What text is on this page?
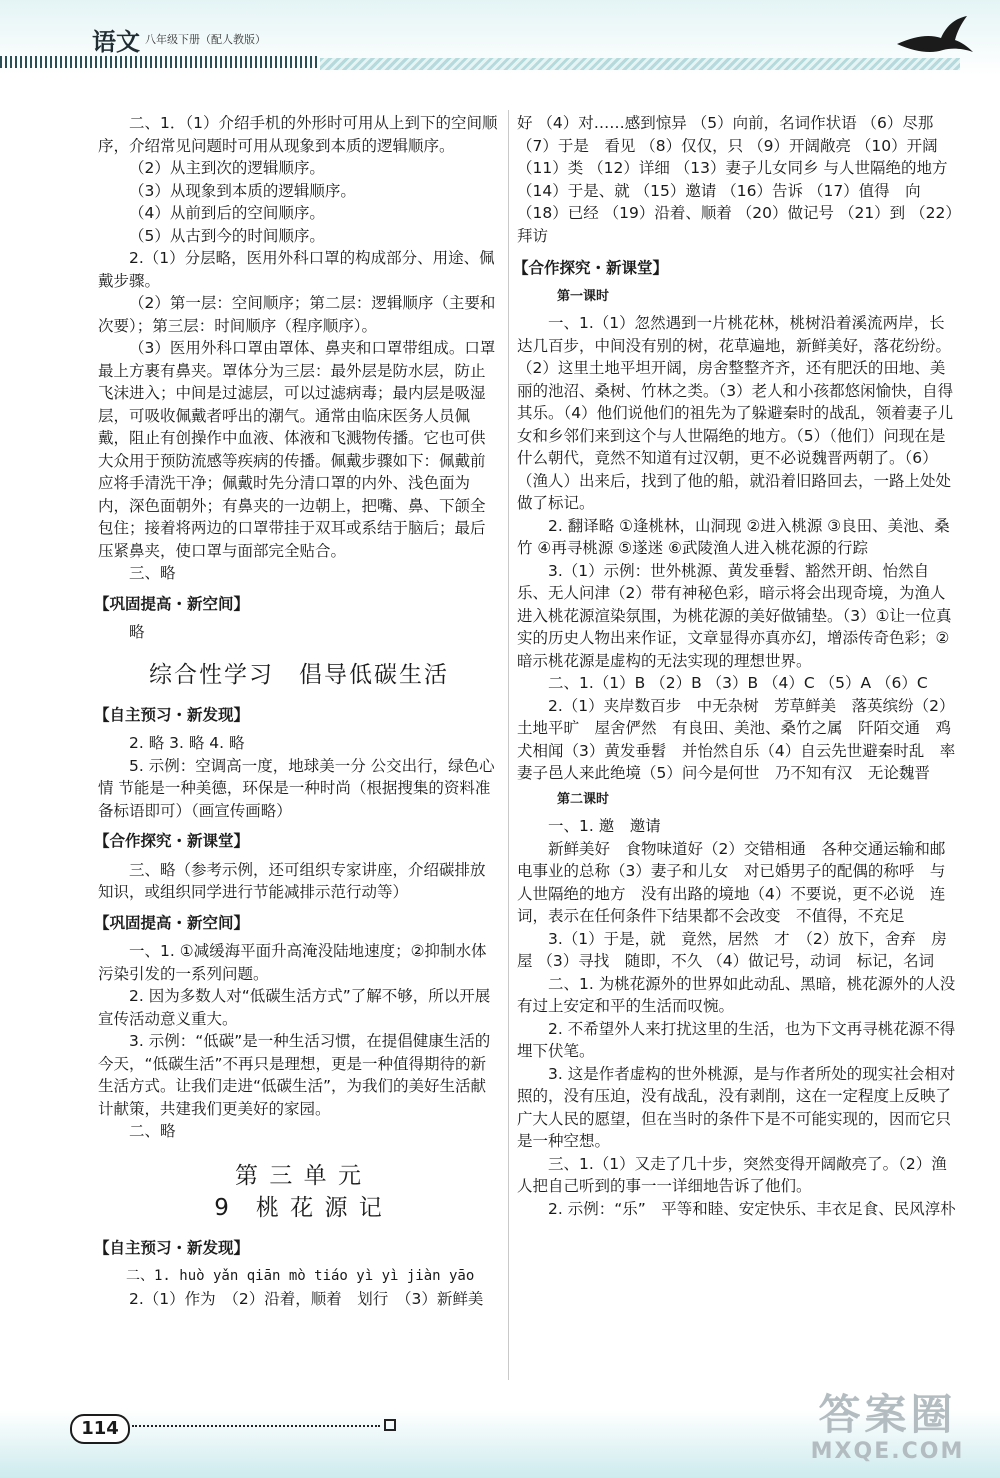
语文 八年级下册（配人教版）

二、1．（1）介绍手机的外形时可用从上到下的空间顺序，介绍常见问题时可用从现象到本质的逻辑顺序。

（2）从主到次的逻辑顺序。

（3）从现象到本质的逻辑顺序。

（4）从前到后的空间顺序。

（5）从古到今的时间顺序。

2.（1）分层略，医用外科口罩的构成部分、用途、佩戴步骤。

（2）第一层：空间顺序；第二层：逻辑顺序（主要和次要）；第三层：时间顺序（程序顺序）。

（3）医用外科口罩由罩体、鼻夹和口罩带组成。口罩最上方裹有鼻夹。罩体分为三层：最外层是防水层，防止飞沫进入；中间是过滤层，可以过滤病毒；最内层是吸湿层，可吸收佩戴者呼出的潮气。通常由临床医务人员佩戴，阻止有创操作中血液、体液和飞溅物传播。它也可供大众用于预防流感等疾病的传播。佩戴步骤如下：佩戴前应将手清洗干净；佩戴时先分清口罩的内外、浅色面为内，深色面朝外；有鼻夹的一边朝上，把嘴、鼻、下颌全包住；接着将两边的口罩带挂于双耳或系结于脑后；最后压紧鼻夹，使口罩与面部完全贴合。

三、略

【巩固提高・新空间】

略

综合性学习　倡导低碳生活

【自主预习・新发现】

2. 略 3. 略 4. 略

5. 示例：空调高一度，地球美一分 公交出行，绿色心情 节能是一种美德，环保是一种时尚（根据搜集的资料准备标语即可）（画宣传画略）

【合作探究・新课堂】

三、略（参考示例，还可组织专家讲座，介绍碳排放知识，或组织同学进行节能减排示范行动等）

【巩固提高・新空间】

一、1. ①减缓海平面升高淹没陆地速度；②抑制水体污染引发的一系列问题。

2. 因为多数人对“低碳生活方式”了解不够，所以开展宣传活动意义重大。

3. 示例：“低碳”是一种生活习惯，在提倡健康生活的今天，“低碳生活”不再只是理想，更是一种值得期待的新生活方式。让我们走进“低碳生活”，为我们的美好生活献计献策，共建我们更美好的家园。

二、略

第 三 单 元

9　桃 花 源 记

【自主预习・新发现】

二、1. huò yǎn qiān mò tiáo yì yì jiàn yāo

2.（1）作为　（2）沿着，顺着　划行　（3）新鲜美

好 （4）对……感到惊异 （5）向前，名词作状语 （6）尽那 （7）于是　看见 （8）仅仅，只 （9）开阔敞亮 （10）开阔 （11）类 （12）详细 （13）妻子儿女同乡 与人世隔绝的地方 （14）于是、就 （15）邀请 （16）告诉 （17）值得　向 （18）已经 （19）沿着、顺着 （20）做记号 （21）到 （22）拜访

【合作探究・新课堂】

第一课时

一、1.（1）忽然遇到一片桃花林，桃树沿着溪流两岸，长达几百步，中间没有别的树，花草遍地，新鲜美好，落花纷纷。（2）这里土地平坦开阔，房舍整整齐齐，还有肥沃的田地、美丽的池沼、桑树、竹林之类。（3）老人和小孩都悠闲愉快，自得其乐。（4）他们说他们的祖先为了躲避秦时的战乱，领着妻子儿女和乡邻们来到这个与人世隔绝的地方。（5）（他们）问现在是什么朝代，竟然不知道有过汉朝，更不必说魏晋两朝了。（6）（渔人）出来后，找到了他的船，就沿着旧路回去，一路上处处做了标记。

2. 翻译略 ①逢桃林，山洞现 ②进入桃源 ③良田、美池、桑竹 ④再寻桃源 ⑤遂迷 ⑥武陵渔人进入桃花源的行踪

3.（1）示例：世外桃源、黄发垂髫、豁然开朗、怡然自乐、无人问津（2）带有神秘色彩，暗示将会出现奇境，为渔人进入桃花源渲染氛围，为桃花源的美好做铺垫。（3）①让一位真实的历史人物出来作证，文章显得亦真亦幻，增添传奇色彩；②暗示桃花源是虚构的无法实现的理想世界。

二、1.（1）B （2）B （3）B （4）C （5）A （6）C

2.（1）夹岸数百步　中无杂树　芳草鲜美　落英缤纷（2）土地平旷　屋舍俨然　有良田、美池、桑竹之属　阡陌交通　鸡犬相闻（3）黄发垂髫　并怡然自乐（4）自云先世避秦时乱　率妻子邑人来此绝境（5）问今是何世　乃不知有汉　无论魏晋

第二课时

一、1. 邀　邀请

新鲜美好　食物味道好（2）交错相通　各种交通运输和邮电事业的总称（3）妻子和儿女　对已婚男子的配偶的称呼　与人世隔绝的地方　没有出路的境地（4）不要说，更不必说　连词，表示在任何条件下结果都不会改变　不值得，不充足

3.（1）于是，就　竟然，居然　才　（2）放下，舍弃　房屋 （3）寻找　随即，不久 （4）做记号，动词　标记，名词

二、1. 为桃花源外的世界如此动乱、黑暗，桃花源外的人没有过上安定和平的生活而叹惋。

2. 不希望外人来打扰这里的生活，也为下文再寻桃花源不得埋下伏笔。

3. 这是作者虚构的世外桃源，是与作者所处的现实社会相对照的，没有压迫，没有战乱，没有剥削，这在一定程度上反映了广大人民的愿望，但在当时的条件下是不可能实现的，因而它只是一种空想。

三、1.（1）又走了几十步，突然变得开阔敞亮了。（2）渔人把自己听到的事一一详细地告诉了他们。

2. 示例：“乐”　平等和睦、安定快乐、丰衣足食、民风淳朴

114	答案圈
MXQE.COM
